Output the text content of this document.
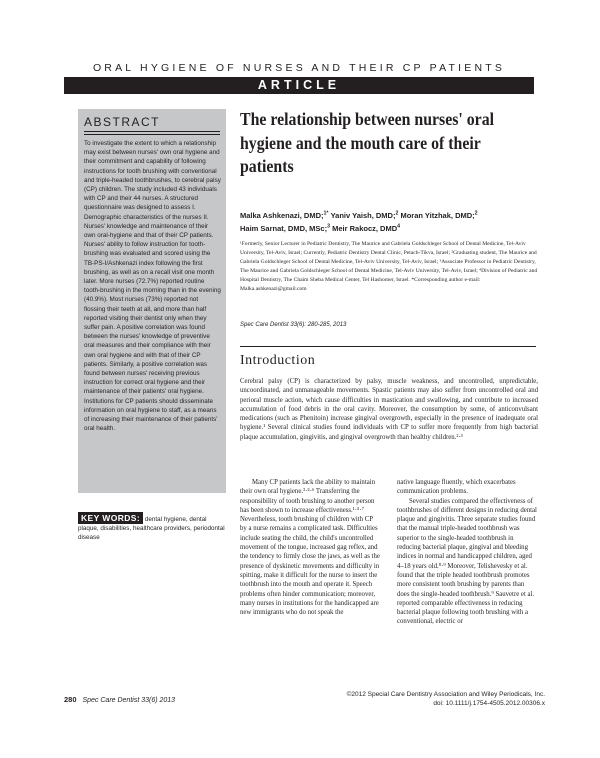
ORAL HYGIENE OF NURSES AND THEIR CP PATIENTS
ARTICLE
ABSTRACT
To investigate the extent to which a relationship may exist between nurses' own oral hygiene and their commitment and capability of following instructions for tooth brushing with conventional and triple-headed toothbrushes, to cerebral palsy (CP) children. The study included 43 individuals with CP and their 44 nurses. A structured questionnaire was designed to assess I. Demographic characteristics of the nurses II. Nurses' knowledge and maintenance of their own oral-hygiene and that of their CP patients. Nurses' ability to follow instruction for tooth-brushing was evaluated and scored using the TB-PS-I/Ashkenazi index following the first brushing, as well as on a recall visit one month later. More nurses (72.7%) reported routine tooth-brushing in the morning than in the evening (40.9%). Most nurses (73%) reported not flossing their teeth at all, and more than half reported visiting their dentist only when they suffer pain. A positive correlation was found between the nurses' knowledge of preventive oral measures and their compliance with their own oral hygiene and with that of their CP patients. Similarly, a positive correlation was found between nurses' receiving previous instruction for correct oral hygiene and their maintenance of their patients' oral hygiene. Institutions for CP patients should disseminate information on oral hygiene to staff, as a means of increasing their maintenance of their patients' oral health.
KEY WORDS: dental hygiene, dental plaque, disabilities, healthcare providers, periodontal disease
The relationship between nurses' oral hygiene and the mouth care of their patients
Malka Ashkenazi, DMD;$^{1*}$ Yaniv Yaish, DMD;$^2$ Moran Yitzhak, DMD;$^2$
Haim Sarnat, DMD, MSc;$^3$ Meir Rakocz, DMD$^4$
¹Formerly, Senior Lecturer in Pediatric Dentistry, The Maurice and Gabriela Goldschleger School of Dental Medicine, Tel-Aviv University, Tel-Aviv, Israel; Currently, Pediatric Dentistry Dental Clinic, Petach-Tikva, Israel; ²Graduating student, The Maurice and Gabriela Goldschleger School of Dental Medicine, Tel-Aviv University, Tel-Aviv, Israel; ³Associate Professor in Pediatric Dentistry, The Maurice and Gabriela Goldschleger School of Dental Medicine, Tel-Aviv University, Tel-Aviv, Israel; ⁴Division of Pediatric and Hospital Dentistry, The Chaim Sheba Medical Center, Tel Hashomer, Israel. *Corresponding author e-mail: Malka.ashkenazi@gmail.com
Spec Care Dentist 33(6): 280-285, 2013
Introduction
Cerebral palsy (CP) is characterized by palsy, muscle weakness, and uncontrolled, unpredictable, uncoordinated, and unmanageable movements. Spastic patients may also suffer from uncontrolled oral and perioral muscle action, which cause difficulties in mastication and swallowing, and contribute to increased accumulation of food debris in the oral cavity. Moreover, the consumption by some, of anticonvulsant medications (such as Phenitoin) increase gingival overgrowth, especially in the presence of inadequate oral hygiene.¹ Several clinical studies found individuals with CP to suffer more frequently from high bacterial plaque accumulation, gingivitis, and gingival overgrowth than healthy children.²·³
Many CP patients lack the ability to maintain their own oral hygiene.³·⁵·⁶ Transferring the responsibility of tooth brushing to another person has been shown to increase effectiveness.¹·⁵·⁷ Nevertheless, tooth brushing of children with CP by a nurse remains a complicated task. Difficulties include seating the child, the child's uncontrolled movement of the tongue, increased gag reflex, and the tendency to firmly close the jaws, as well as the presence of dyskinetic movements and difficulty in spitting, make it difficult for the nurse to insert the toothbrush into the mouth and operate it. Speech problems often hinder communication; moreover, many nurses in institutions for the handicapped are new immigrants who do not speak the
native language fluently, which exacerbates communication problems.
Several studies compared the effectiveness of toothbrushes of different designs in reducing dental plaque and gingivitis. Three separate studies found that the manual triple-headed toothbrush was superior to the single-headed toothbrush in reducing bacterial plaque, gingival and bleeding indices in normal and handicapped children, aged 4–18 years old.⁸·⁹ Moreover, Telishevesky et al. found that the triple headed toothbrush promotes more consistent tooth brushing by parents than does the single-headed toothbrush.⁹ Sauvetre et al. reported comparable effectiveness in reducing bacterial plaque following tooth brushing with a conventional, electric or
280 Spec Care Dentist 33(6) 2013
©2012 Special Care Dentistry Association and Wiley Periodicals, Inc.
doi: 10.1111/j.1754-4505.2012.00306.x
